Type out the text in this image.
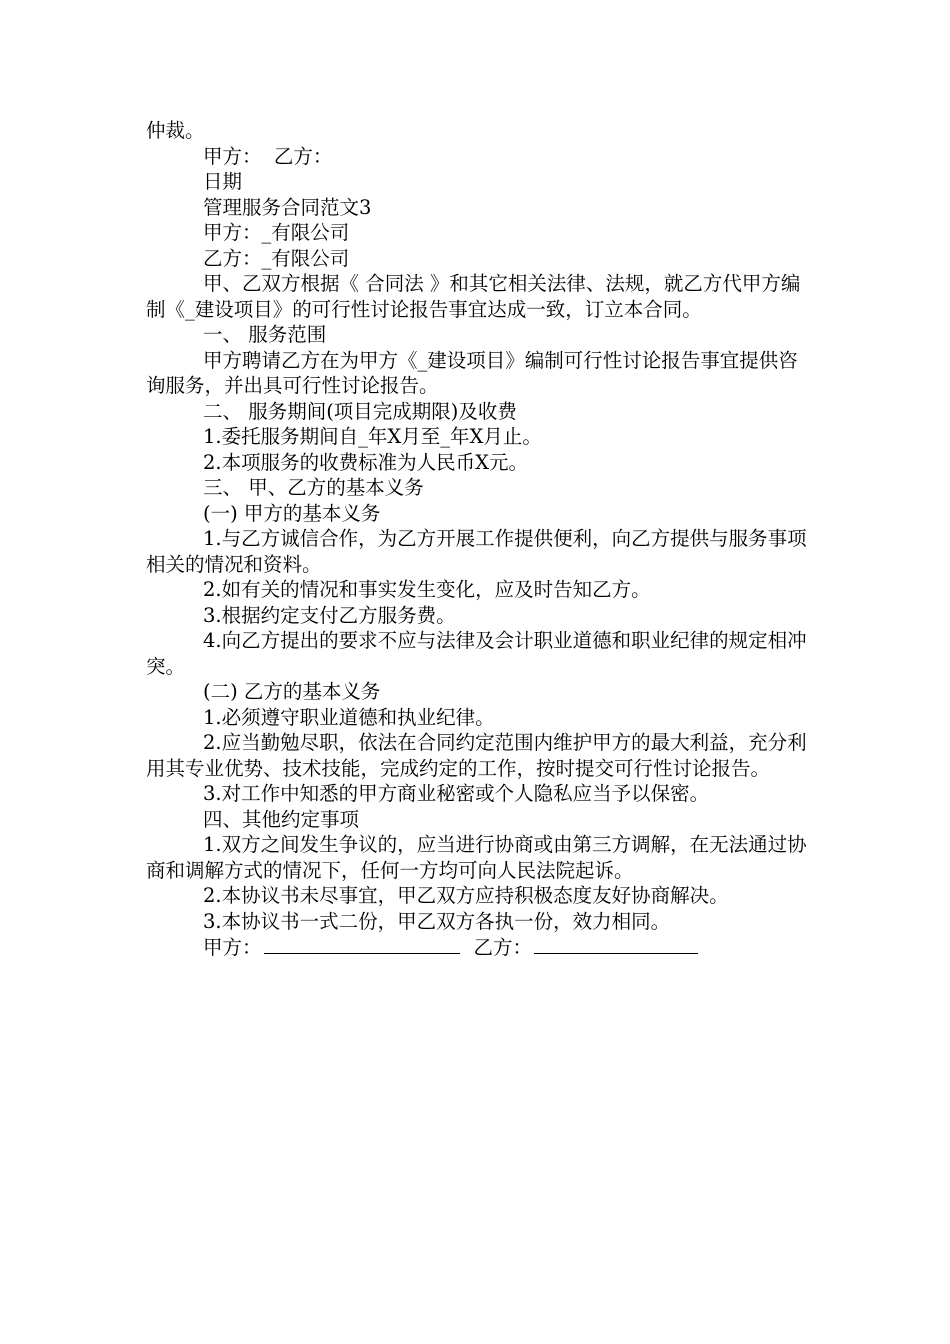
仲裁。

甲方：  乙方：

日期

管理服务合同范文3

甲方：_有限公司

乙方：_有限公司

甲、乙双方根据《 合同法 》和其它相关法律、法规，就乙方代甲方编制《_建设项目》的可行性讨论报告事宜达成一致，订立本合同。

一、 服务范围

甲方聘请乙方在为甲方《_建设项目》编制可行性讨论报告事宜提供咨询服务，并出具可行性讨论报告。

二、 服务期间(项目完成期限)及收费

1.委托服务期间自_年X月至_年X月止。

2.本项服务的收费标准为人民币X元。

三、 甲、乙方的基本义务

(一) 甲方的基本义务

1.与乙方诚信合作，为乙方开展工作提供便利，向乙方提供与服务事项相关的情况和资料。

2.如有关的情况和事实发生变化，应及时告知乙方。

3.根据约定支付乙方服务费。

4.向乙方提出的要求不应与法律及会计职业道德和职业纪律的规定相冲突。

(二) 乙方的基本义务

1.必须遵守职业道德和执业纪律。

2.应当勤勉尽职，依法在合同约定范围内维护甲方的最大利益，充分利用其专业优势、技术技能，完成约定的工作，按时提交可行性讨论报告。

3.对工作中知悉的甲方商业秘密或个人隐私应当予以保密。

四、其他约定事项

1.双方之间发生争议的，应当进行协商或由第三方调解，在无法通过协商和调解方式的情况下，任何一方均可向人民法院起诉。

2.本协议书未尽事宜，甲乙双方应持积极态度友好协商解决。

3.本协议书一式二份，甲乙双方各执一份，效力相同。

甲方：	乙方：
